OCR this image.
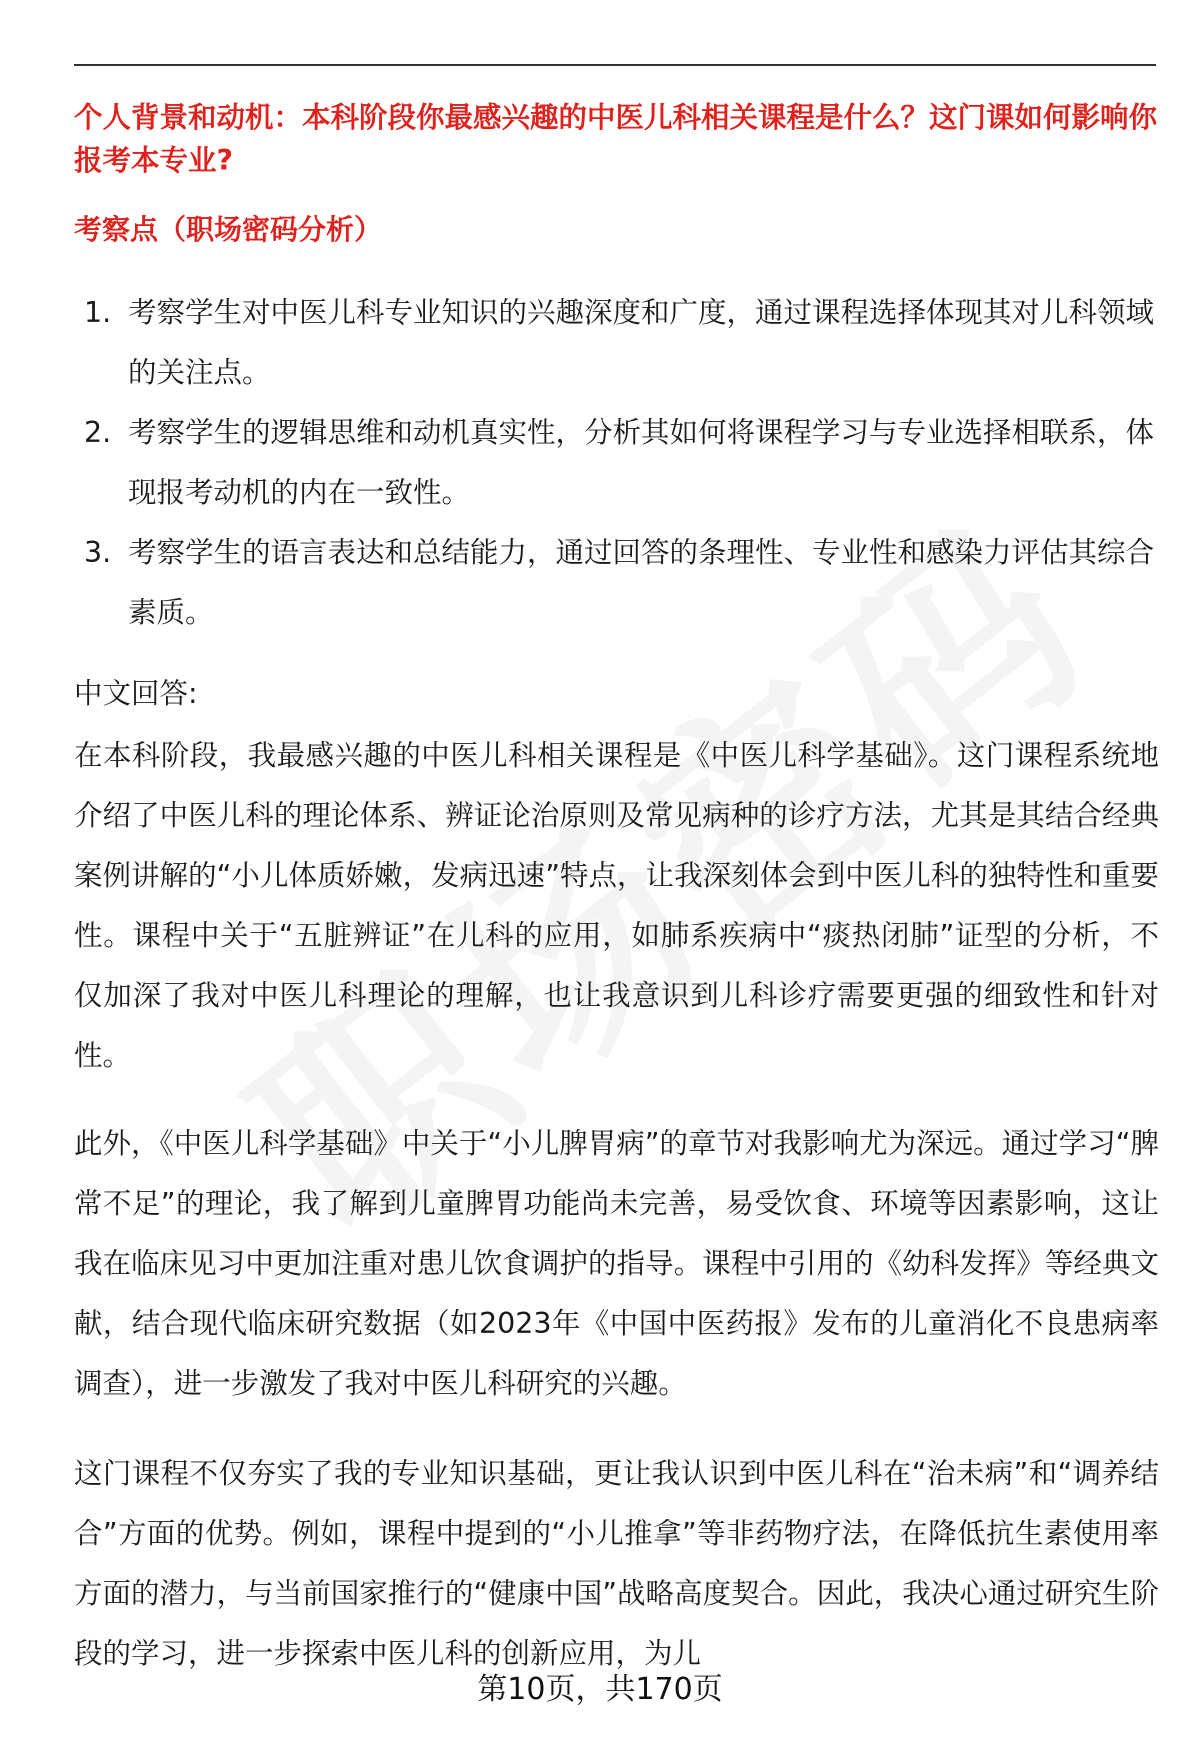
个人背景和动机：本科阶段你最感兴趣的中医儿科相关课程是什么？这门课如何影响你报考本专业?
考察点（职场密码分析）
1. 考察学生对中医儿科专业知识的兴趣深度和广度，通过课程选择体现其对儿科领域的关注点。
2. 考察学生的逻辑思维和动机真实性，分析其如何将课程学习与专业选择相联系，体现报考动机的内在一致性。
3. 考察学生的语言表达和总结能力，通过回答的条理性、专业性和感染力评估其综合素质。
中文回答:

在本科阶段，我最感兴趣的中医儿科相关课程是《中医儿科学基础》。这门课程系统地介绍了中医儿科的理论体系、辨证论治原则及常见病种的诊疗方法，尤其是其结合经典案例讲解的“小儿体质娇嫩，发病迅速”特点，让我深刻体会到中医儿科的独特性和重要性。课程中关于“五脏辨证”在儿科的应用，如肺系疾病中“痰热闭肺”证型的分析，不仅加深了我对中医儿科理论的理解，也让我意识到儿科诊疗需要更强的细致性和针对性。

此外，《中医儿科学基础》中关于“小儿脾胃病”的章节对我影响尤为深远。通过学习“脾常不足”的理论，我了解到儿童脾胃功能尚未完善，易受饮食、环境等因素影响，这让我在临床见习中更加注重对患儿饮食调护的指导。课程中引用的《幼科发挥》等经典文献，结合现代临床研究数据（如2023年《中国中医药报》发布的儿童消化不良患病率调查），进一步激发了我对中医儿科研究的兴趣。

这门课程不仅夯实了我的专业知识基础，更让我认识到中医儿科在“治未病”和“调养结合”方面的优势。例如，课程中提到的“小儿推拿”等非药物疗法，在降低抗生素使用率方面的潜力，与当前国家推行的“健康中国”战略高度契合。因此，我决心通过研究生阶段的学习，进一步探索中医儿科的创新应用，为儿

第10页，共170页
